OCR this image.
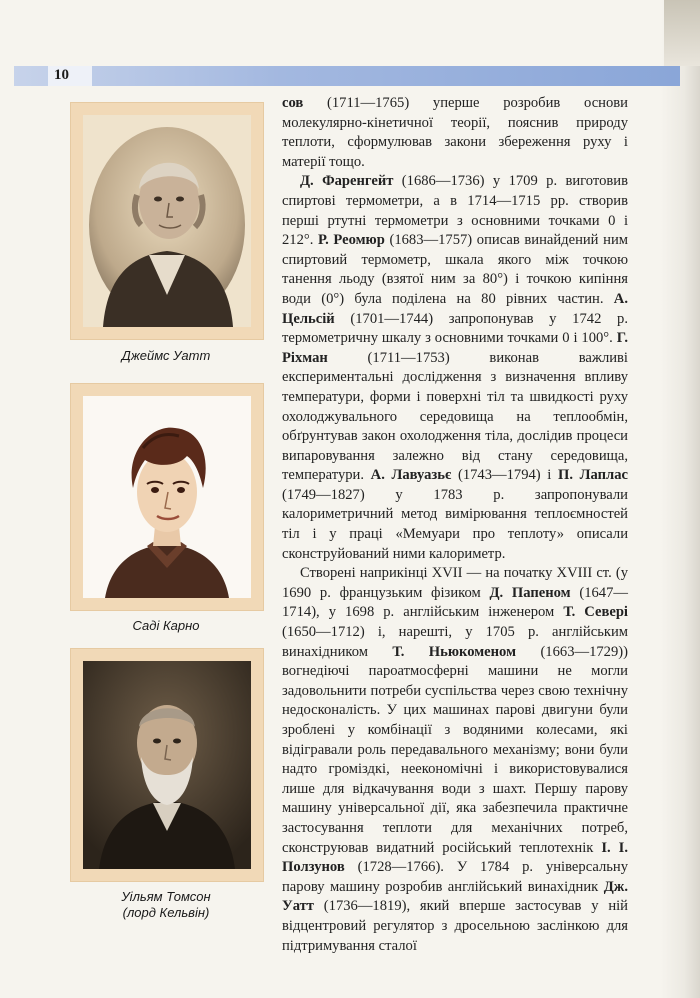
10
Джеймс Уатт
Саді Карно
Уільям Томсон
(лорд Кельвін)

сов (1711—1765) уперше розробив основи молекулярно-кінетичної теорії, пояснив природу теплоти, сформулював закони збереження руху і матерії тощо.

Д. Фаренгейт (1686—1736) у 1709 р. виготовив спиртові термометри, а в 1714—1715 рр. створив перші ртутні термометри з основними точками 0 і 212°. Р. Реомюр (1683—1757) описав винайдений ним спиртовий термометр, шкала якого між точкою танення льоду (взятої ним за 80°) і точкою кипіння води (0°) була поділена на 80 рівних частин. А. Цельсій (1701—1744) запропонував у 1742 р. термометричну шкалу з основними точками 0 і 100°. Г. Ріхман (1711—1753) виконав важливі експериментальні дослідження з визначення впливу температури, форми і поверхні тіл та швидкості руху охолоджувального середовища на теплообмін, обґрунтував закон охолодження тіла, дослідив процеси випаровування залежно від стану середовища, температури. А. Лавуазьє (1743—1794) і П. Лаплас (1749—1827) у 1783 р. запропонували калориметричний метод вимірювання теплоємностей тіл і у праці «Мемуари про теплоту» описали сконструйований ними калориметр.

Створені наприкінці XVII — на початку XVIII ст. (у 1690 р. французьким фізиком Д. Папеном (1647—1714), у 1698 р. англійським інженером Т. Севері (1650—1712) і, нарешті, у 1705 р. англійським винахідником Т. Ньюкоменом (1663—1729)) вогнедіючі пароатмосферні машини не могли задовольнити потреби суспільства через свою технічну недосконалість. У цих машинах парові двигуни були зроблені у комбінації з водяними колесами, які відігравали роль передавального механізму; вони були надто громіздкі, неекономічні і використовувалися лише для відкачування води з шахт. Першу парову машину універсальної дії, яка забезпечила практичне застосування теплоти для механічних потреб, сконструював видатний російський теплотехнік І. І. Ползунов (1728—1766). У 1784 р. універсальну парову машину розробив англійський винахідник Дж. Уатт (1736—1819), який вперше застосував у ній відцентровий регулятор з дросельною заслінкою для підтримування сталої
